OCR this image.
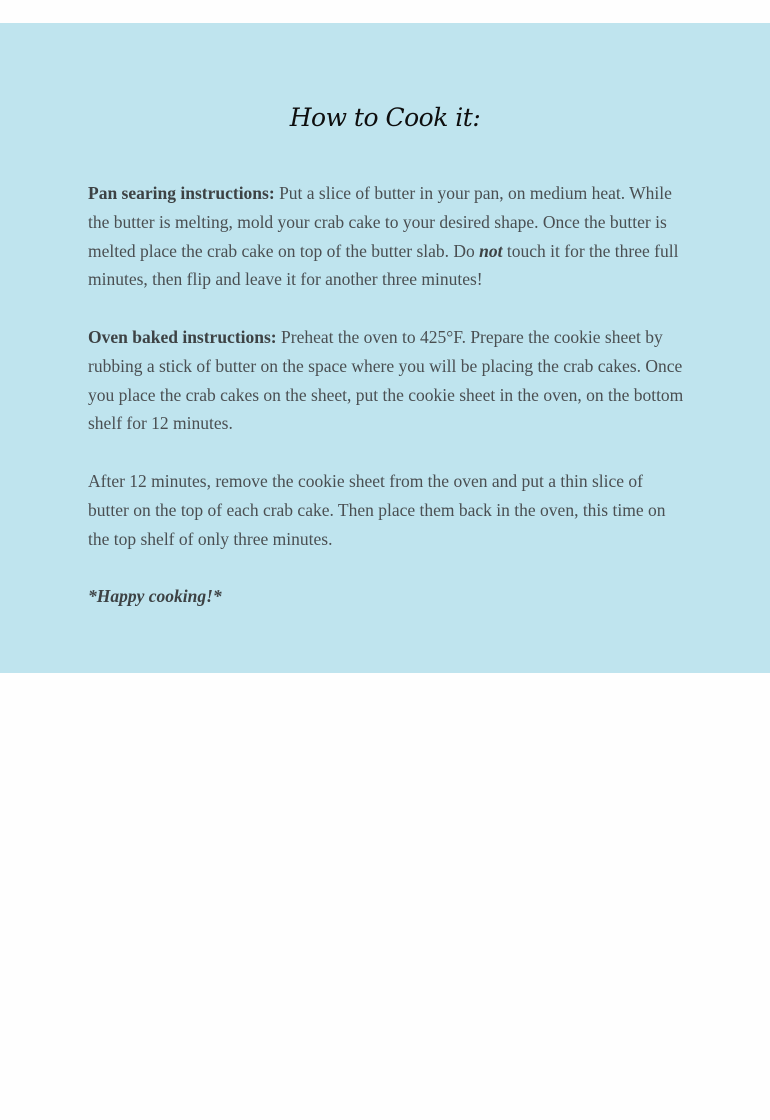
How to Cook it:

Pan searing instructions: Put a slice of butter in your pan, on medium heat. While the butter is melting, mold your crab cake to your desired shape. Once the butter is melted place the crab cake on top of the butter slab. Do not touch it for the three full minutes, then flip and leave it for another three minutes!

Oven baked instructions: Preheat the oven to 425°F. Prepare the cookie sheet by rubbing a stick of butter on the space where you will be placing the crab cakes. Once you place the crab cakes on the sheet, put the cookie sheet in the oven, on the bottom shelf for 12 minutes.

After 12 minutes, remove the cookie sheet from the oven and put a thin slice of butter on the top of each crab cake. Then place them back in the oven, this time on the top shelf of only three minutes.

*Happy cooking!*
